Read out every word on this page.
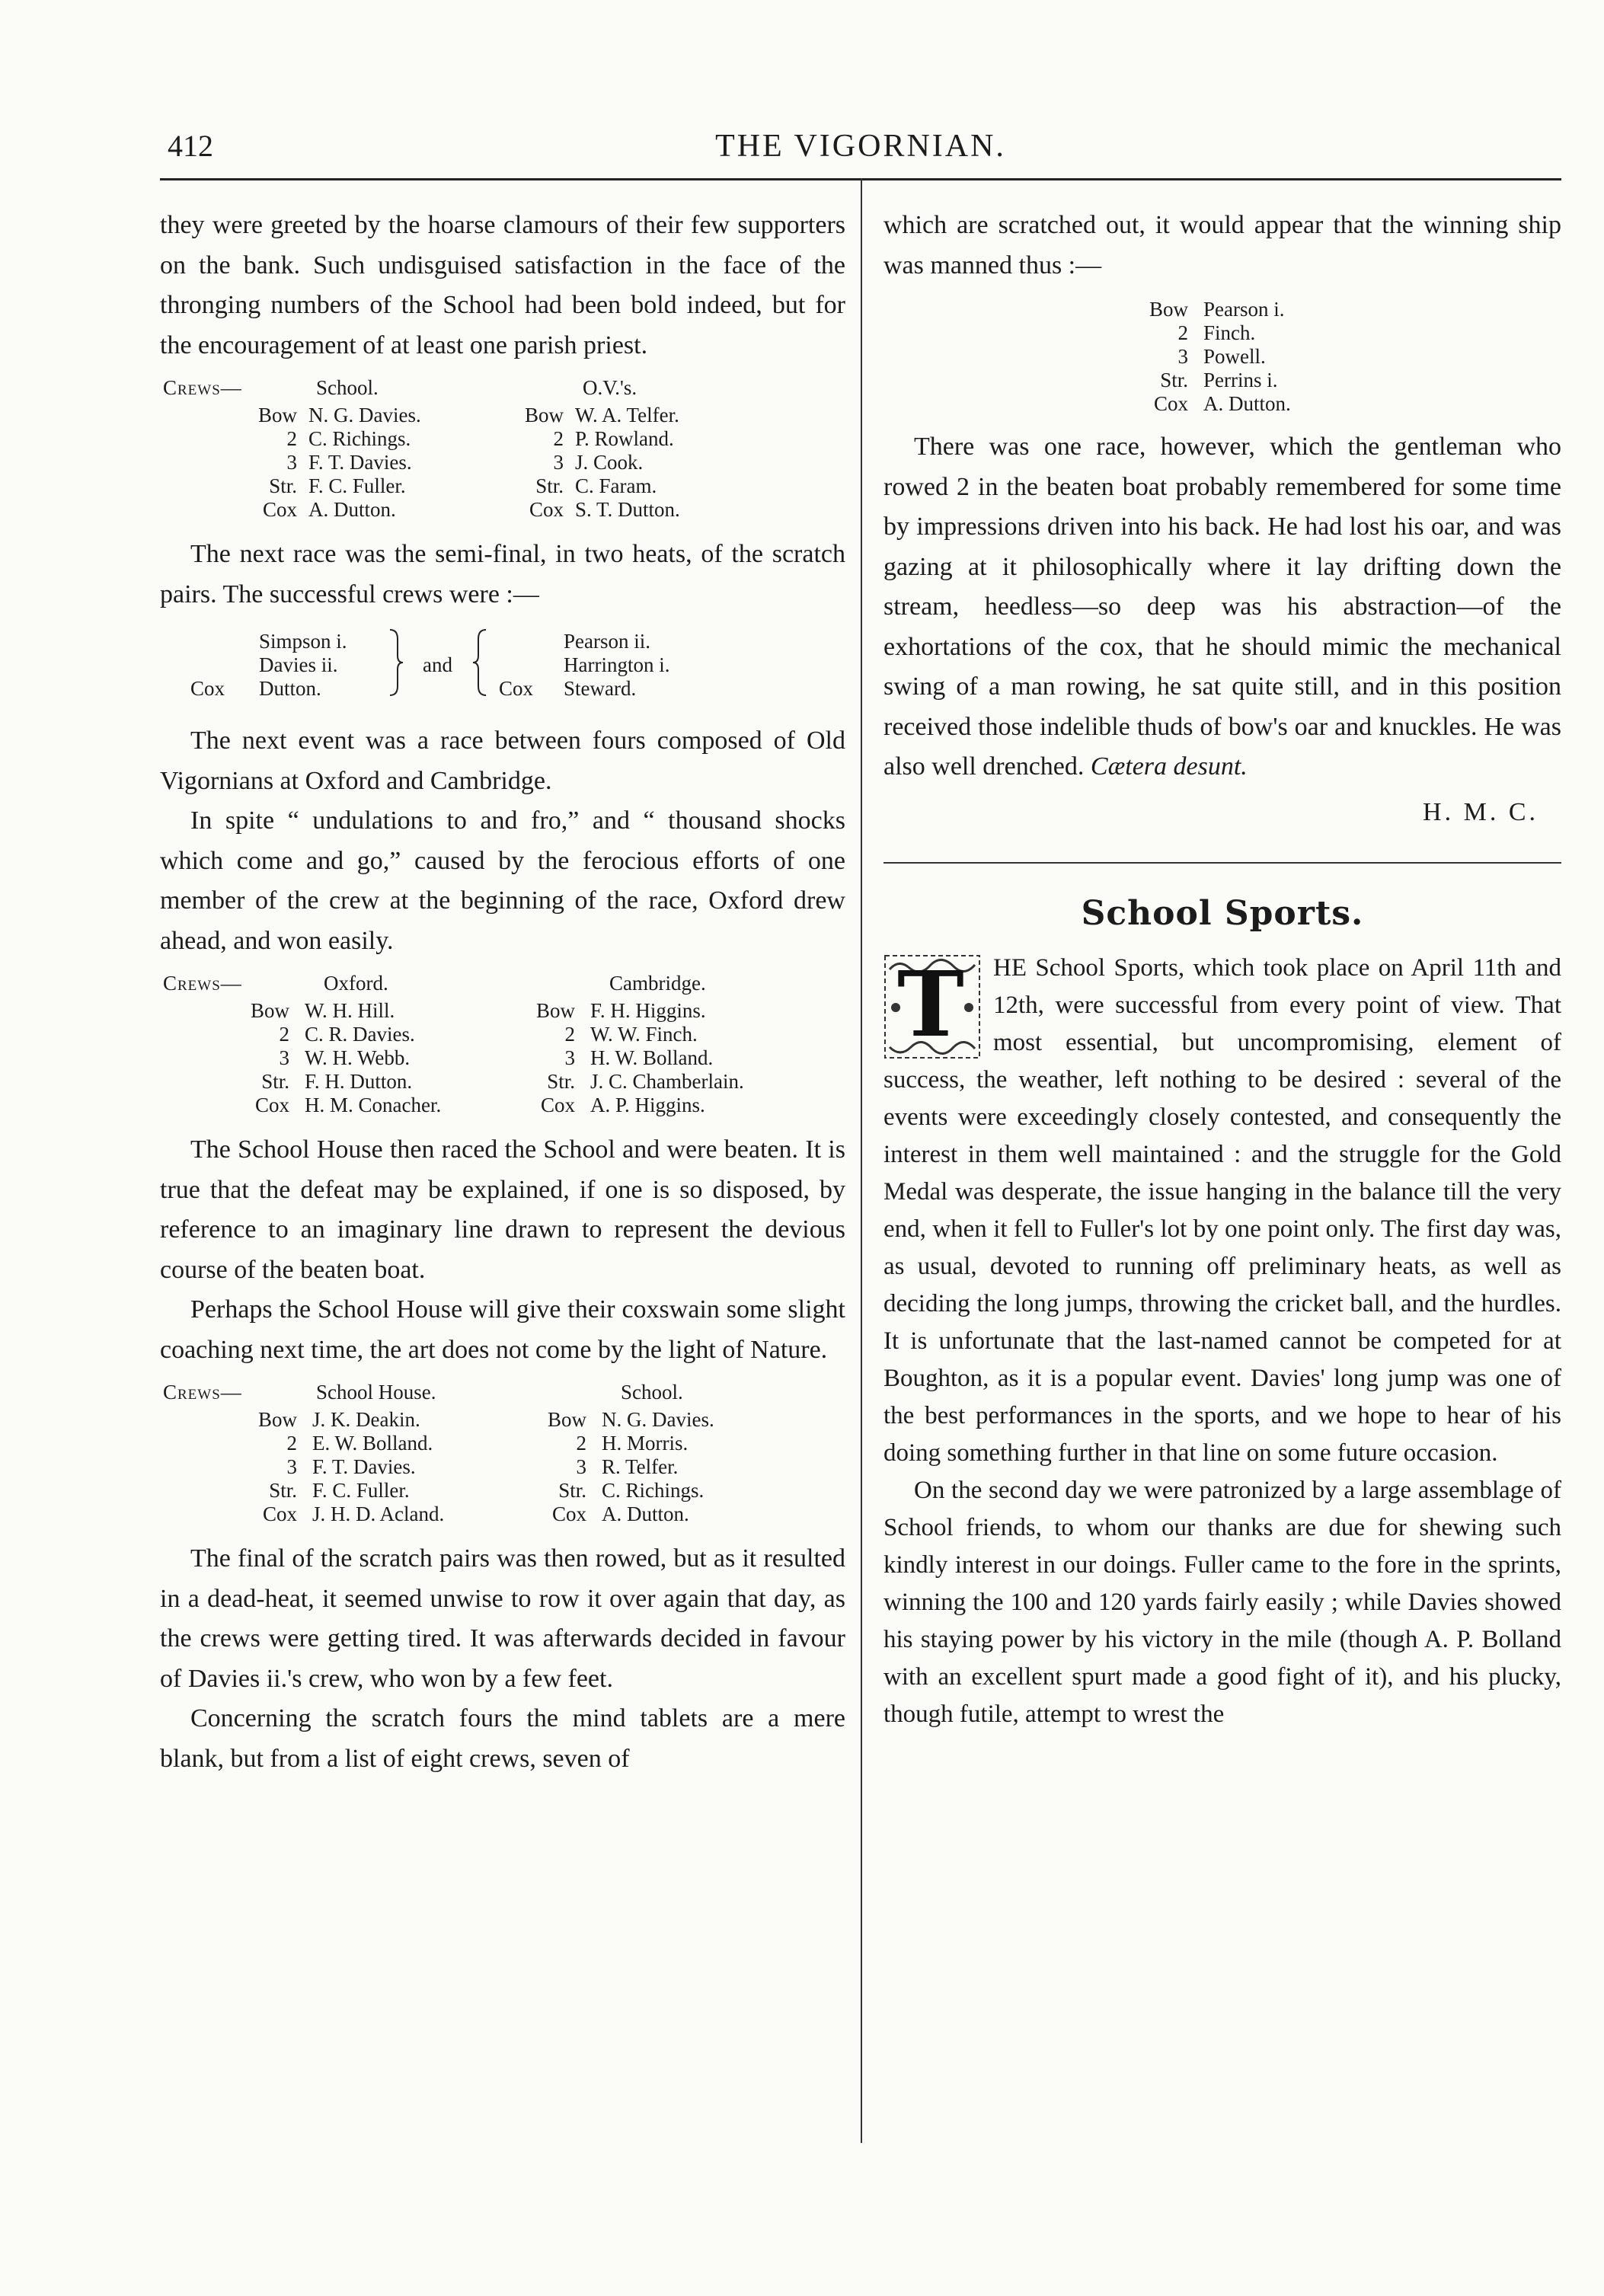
412	THE VIGORNIAN.

they were greeted by the hoarse clamours of their few supporters on the bank. Such undisguised satisfaction in the face of the thronging numbers of the School had been bold indeed, but for the encouragement of at least one parish priest.

Crews—	School.	O.V.'s.
Bow N. G. Davies.	Bow W. A. Telfer.
2 C. Richings.	2 P. Rowland.
3 F. T. Davies.	3 J. Cook.
Str. F. C. Fuller.	Str. C. Faram.
Cox A. Dutton.	Cox S. T. Dutton.

The next race was the semi-final, in two heats, of the scratch pairs. The successful crews were :—

Simpson i.
Davies ii.
Cox Dutton.
and
Pearson ii.
Harrington i.
Cox Steward.

The next event was a race between fours composed of Old Vigornians at Oxford and Cambridge.

In spite “ undulations to and fro,” and “ thousand shocks which come and go,” caused by the ferocious efforts of one member of the crew at the beginning of the race, Oxford drew ahead, and won easily.

Crews—	Oxford.	Cambridge.
Bow W. H. Hill.	Bow F. H. Higgins.
2 C. R. Davies.	2 W. W. Finch.
3 W. H. Webb.	3 H. W. Bolland.
Str. F. H. Dutton.	Str. J. C. Chamberlain.
Cox H. M. Conacher.	Cox A. P. Higgins.

The School House then raced the School and were beaten. It is true that the defeat may be explained, if one is so disposed, by reference to an imaginary line drawn to represent the devious course of the beaten boat.

Perhaps the School House will give their coxswain some slight coaching next time, the art does not come by the light of Nature.

Crews—	School House.	School.
Bow J. K. Deakin.	Bow N. G. Davies.
2 E. W. Bolland.	2 H. Morris.
3 F. T. Davies.	3 R. Telfer.
Str. F. C. Fuller.	Str. C. Richings.
Cox J. H. D. Acland.	Cox A. Dutton.

The final of the scratch pairs was then rowed, but as it resulted in a dead-heat, it seemed unwise to row it over again that day, as the crews were getting tired. It was afterwards decided in favour of Davies ii.'s crew, who won by a few feet.

Concerning the scratch fours the mind tablets are a mere blank, but from a list of eight crews, seven of

which are scratched out, it would appear that the winning ship was manned thus :—

Bow Pearson i.
2 Finch.
3 Powell.
Str. Perrins i.
Cox A. Dutton.

There was one race, however, which the gentleman who rowed 2 in the beaten boat probably remembered for some time by impressions driven into his back. He had lost his oar, and was gazing at it philosophically where it lay drifting down the stream, heedless—so deep was his abstraction—of the exhortations of the cox, that he should mimic the mechanical swing of a man rowing, he sat quite still, and in this position received those indelible thuds of bow's oar and knuckles. He was also well drenched. Cætera desunt.

H. M. C.
School Sports.
T	HE School Sports, which took place on April 11th and 12th, were successful from every point of view. That most essential, but uncompromising, element of success, the weather, left nothing to be desired : several of the events were exceedingly closely contested, and consequently the interest in them well maintained : and the struggle for the Gold Medal was desperate, the issue hanging in the balance till the very end, when it fell to Fuller's lot by one point only. The first day was, as usual, devoted to running off preliminary heats, as well as deciding the long jumps, throwing the cricket ball, and the hurdles. It is unfortunate that the last-named cannot be competed for at Boughton, as it is a popular event. Davies' long jump was one of the best performances in the sports, and we hope to hear of his doing something further in that line on some future occasion.

On the second day we were patronized by a large assemblage of School friends, to whom our thanks are due for shewing such kindly interest in our doings. Fuller came to the fore in the sprints, winning the 100 and 120 yards fairly easily ; while Davies showed his staying power by his victory in the mile (though A. P. Bolland with an excellent spurt made a good fight of it), and his plucky, though futile, attempt to wrest the
